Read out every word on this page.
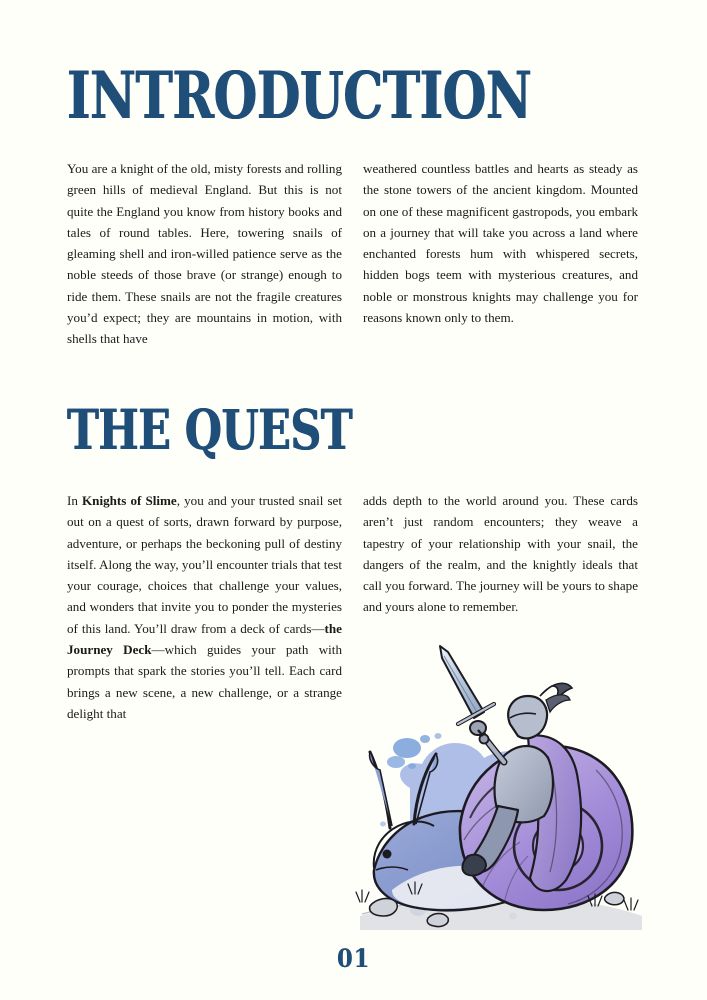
INTRODUCTION

You are a knight of the old, misty forests and rolling green hills of medieval England. But this is not quite the England you know from history books and tales of round tables. Here, towering snails of gleaming shell and iron-willed patience serve as the noble steeds of those brave (or strange) enough to ride them. These snails are not the fragile creatures you’d expect; they are mountains in motion, with shells that have

weathered countless battles and hearts as steady as the stone towers of the ancient kingdom. Mounted on one of these magnificent gastropods, you embark on a journey that will take you across a land where enchanted forests hum with whispered secrets, hidden bogs teem with mysterious creatures, and noble or monstrous knights may challenge you for reasons known only to them.

THE QUEST

In Knights of Slime, you and your trusted snail set out on a quest of sorts, drawn forward by purpose, adventure, or perhaps the beckoning pull of destiny itself. Along the way, you’ll encounter trials that test your courage, choices that challenge your values, and wonders that invite you to ponder the mysteries of this land. You’ll draw from a deck of cards—the Journey Deck—which guides your path with prompts that spark the stories you’ll tell. Each card brings a new scene, a new challenge, or a strange delight that

adds depth to the world around you. These cards aren’t just random encounters; they weave a tapestry of your relationship with your snail, the dangers of the realm, and the knightly ideals that call you forward. The journey will be yours to shape and yours alone to remember.

01
